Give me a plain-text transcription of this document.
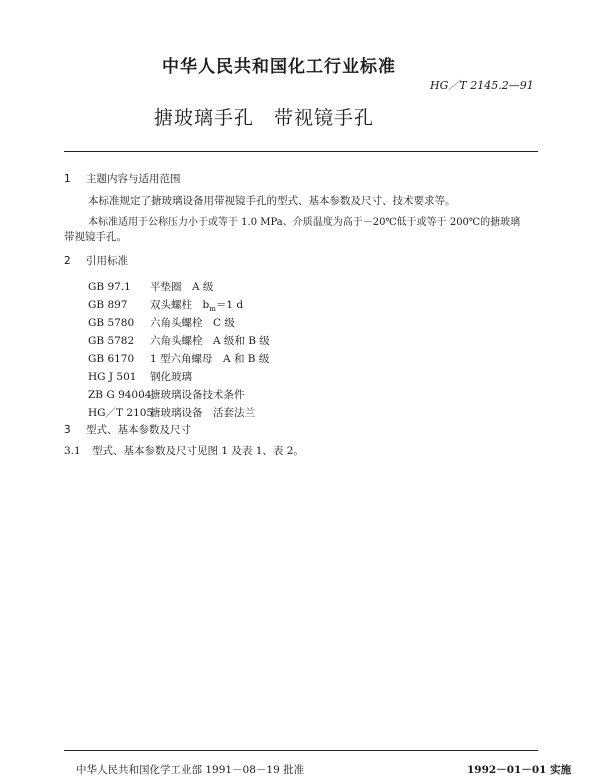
中华人民共和国化工行业标准
HG／T 2145.2—91
搪玻璃手孔　带视镜手孔
1 主题内容与适用范围
本标准规定了搪玻璃设备用带视镜手孔的型式、基本参数及尺寸、技术要求等。
本标准适用于公称压力小于或等于 1.0 MPa、介质温度为高于－20℃低于或等于 200℃的搪玻璃
带视镜手孔。
2 引用标准
GB 97.1 平垫圈　A 级
GB 897 双头螺柱　$b_m=1$ d
GB 5780 六角头螺栓　C 级
GB 5782 六角头螺栓　A 级和 B 级
GB 6170 1 型六角螺母　A 和 B 级
HG J 501 钢化玻璃
ZB G 94004搪玻璃设备技术条件
HG／T 2105搪玻璃设备　活套法兰
3 型式、基本参数及尺寸
3.1 型式、基本参数及尺寸见图 1 及表 1、表 2。
中华人民共和国化学工业部 1991－08－19 批准	1992－01－01 实施
